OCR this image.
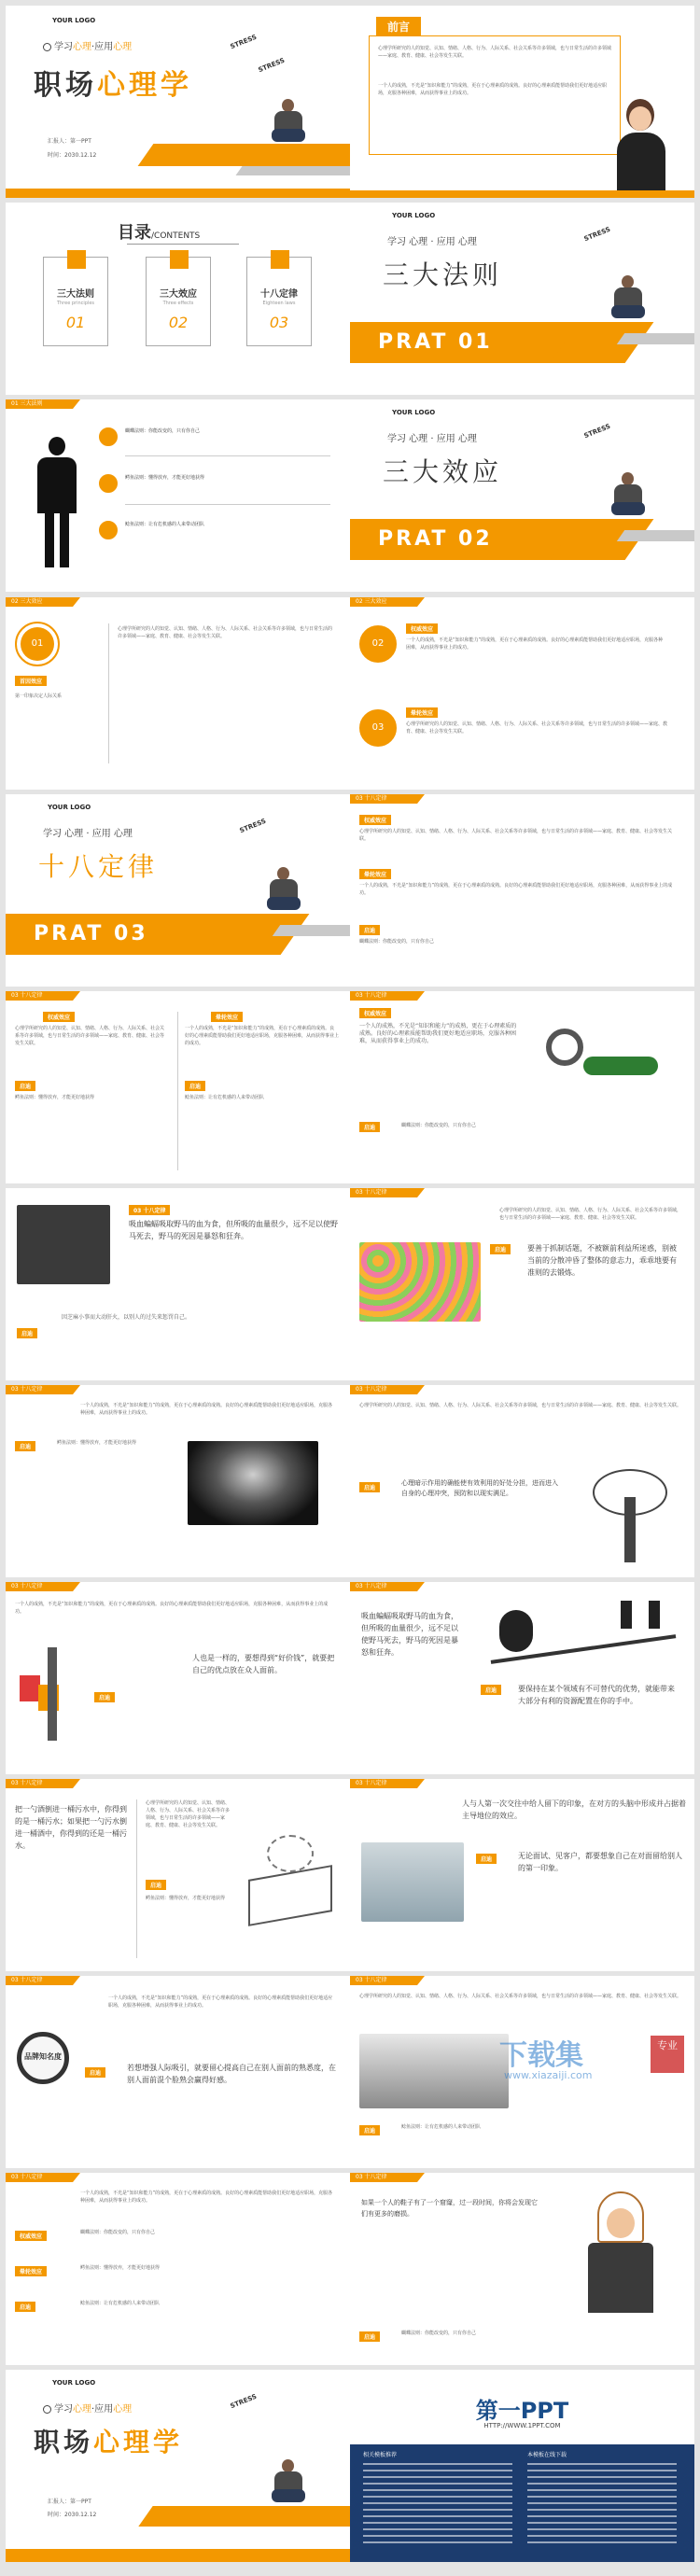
YOUR LOGO
学习心理·应用心理
职场心理学
STRESS
STRESS
汇报人：第一PPT
时间：2030.12.12
前言
心理学所研究的人的知觉、认知、情绪、人格、行为、人际关系、社会关系等许多领域，也与日常生活的许多领域——家庭、教育、健康、社会等发生关联。
一个人的成熟，不光是“知识和能力”的成熟，更在于心理素质的成熟。良好的心理素质能帮助我们更好地适应职场，克服各种困难，从而获得事业上的成功。
目录/CONTENTS
三大法则
Three principles
01
三大效应
Three effects
02
十八定律
Eighteen laws
03
YOUR LOGO
学习 心理 · 应用 心理
三大法则
STRESS
PRAT 01
01 三大法则
蝴蝶法则：你能改变的，只有你自己
鳄鱼法则：懂得放弃，才能更好地获得
鲶鱼法则：让有危机感的人来带动团队
YOUR LOGO
学习 心理 · 应用 心理
三大效应
STRESS
PRAT 02
02 三大效应
01
首因效应
第一印象决定人际关系
心理学所研究的人的知觉、认知、情绪、人格、行为、人际关系、社会关系等许多领域，也与日常生活的许多领域——家庭、教育、健康、社会等发生关联。
02 三大效应
02
权威效应
一个人的成熟，不光是“知识和能力”的成熟，更在于心理素质的成熟。良好的心理素质能帮助我们更好地适应职场，克服各种困难，从而获得事业上的成功。
03
晕轮效应
心理学所研究的人的知觉、认知、情绪、人格、行为、人际关系、社会关系等许多领域，也与日常生活的许多领域——家庭、教育、健康、社会等发生关联。
YOUR LOGO
学习 心理 · 应用 心理
十八定律
STRESS
PRAT 03
03 十八定律
权威效应
心理学所研究的人的知觉、认知、情绪、人格、行为、人际关系、社会关系等许多领域，也与日常生活的许多领域——家庭、教育、健康、社会等发生关联。
晕轮效应
一个人的成熟，不光是“知识和能力”的成熟，更在于心理素质的成熟。良好的心理素质能帮助我们更好地适应职场，克服各种困难，从而获得事业上的成功。
启迪
蝴蝶法则：你能改变的，只有你自己
03 十八定律
权威效应
心理学所研究的人的知觉、认知、情绪、人格、行为、人际关系、社会关系等许多领域，也与日常生活的许多领域——家庭、教育、健康、社会等发生关联。
启迪
鳄鱼法则：懂得放弃，才能更好地获得
晕轮效应
一个人的成熟，不光是“知识和能力”的成熟，更在于心理素质的成熟。良好的心理素质能帮助我们更好地适应职场，克服各种困难，从而获得事业上的成功。
启迪
鲶鱼法则：让有危机感的人来带动团队
03 十八定律
权威效应
一个人的成熟，不光是“知识和能力”的成熟，更在于心理素质的成熟。良好的心理素质能帮助我们更好地适应职场，克服各种困难，从而获得事业上的成功。
启迪	蝴蝶法则：你能改变的，只有你自己
03 十八定律
吸血蝙蝠吸取野马的血为食，但所吸的血量很少，远不足以使野马死去，野马的死因是暴怒和狂奔。
启迪
因芝麻小事而大动肝火，以别人的过失来惩罚自己。
03 十八定律
心理学所研究的人的知觉、认知、情绪、人格、行为、人际关系、社会关系等许多领域，也与日常生活的许多领域——家庭、教育、健康、社会等发生关联。
启迪	要善于抓制话题，不被额前利益所迷惑，别被当前的分散冲昏了整体的意志力，乖乖地要有准则的去锻炼。
03 十八定律
一个人的成熟，不光是“知识和能力”的成熟，更在于心理素质的成熟。良好的心理素质能帮助我们更好地适应职场，克服各种困难，从而获得事业上的成功。
启迪
鳄鱼法则：懂得放弃，才能更好地获得
03 十八定律
心理学所研究的人的知觉、认知、情绪、人格、行为、人际关系、社会关系等许多领域，也与日常生活的许多领域——家庭、教育、健康、社会等发生关联。
启迪
心理暗示作用的确能使有效利用的好处分担，进而进入自身的心理冲突，预防和以现实满足。
03 十八定律
一个人的成熟，不光是“知识和能力”的成熟，更在于心理素质的成熟。良好的心理素质能帮助我们更好地适应职场，克服各种困难，从而获得事业上的成功。
启迪
人也是一样的，要想得到“好价钱”，就要把自己的优点放在众人面前。
03 十八定律
吸血蝙蝠吸取野马的血为食，但所吸的血量很少，远不足以使野马死去，野马的死因是暴怒和狂奔。
启迪	要保持在某个领域有不可替代的优势，就能带来大部分有利的资源配置在你的手中。
03 十八定律
把一勺酒倒进一桶污水中，你得到的是一桶污水；如果把一勺污水倒进一桶酒中，你得到的还是一桶污水。
心理学所研究的人的知觉、认知、情绪、人格、行为、人际关系、社会关系等许多领域，也与日常生活的许多领域——家庭、教育、健康、社会等发生关联。
启迪
鳄鱼法则：懂得放弃，才能更好地获得
03 十八定律
人与人第一次交往中给人留下的印象，在对方的头脑中形成并占据着主导地位的效应。
启迪	无论面试、见客户，都要想象自己在对面留给别人的第一印象。
03 十八定律
品牌知名度
一个人的成熟，不光是“知识和能力”的成熟，更在于心理素质的成熟。良好的心理素质能帮助我们更好地适应职场，克服各种困难，从而获得事业上的成功。
启迪
若想增强人际吸引，就要留心提高自己在别人面前的熟悉度，在别人面前混个脸熟会赢得好感。
03 十八定律
心理学所研究的人的知觉、认知、情绪、人格、行为、人际关系、社会关系等许多领域，也与日常生活的许多领域——家庭、教育、健康、社会等发生关联。
启迪
鲶鱼法则：让有危机感的人来带动团队
下载集
www.xiazaiji.com
专业
03 十八定律
一个人的成熟，不光是“知识和能力”的成熟，更在于心理素质的成熟。良好的心理素质能帮助我们更好地适应职场，克服各种困难，从而获得事业上的成功。
权威效应
蝴蝶法则：你能改变的，只有你自己
晕轮效应
鳄鱼法则：懂得放弃，才能更好地获得
启迪
鲶鱼法则：让有危机感的人来带动团队
03 十八定律
如果一个人的鞋子有了一个窟窿，过一段时间，你将会发现它们有更多的磨损。
启迪
蝴蝶法则：你能改变的，只有你自己
YOUR LOGO
学习心理·应用心理
职场心理学
STRESS
汇报人：第一PPT
时间：2030.12.12
第一PPT
HTTP://WWW.1PPT.COM
相关模板推荐	本模板在线下载
